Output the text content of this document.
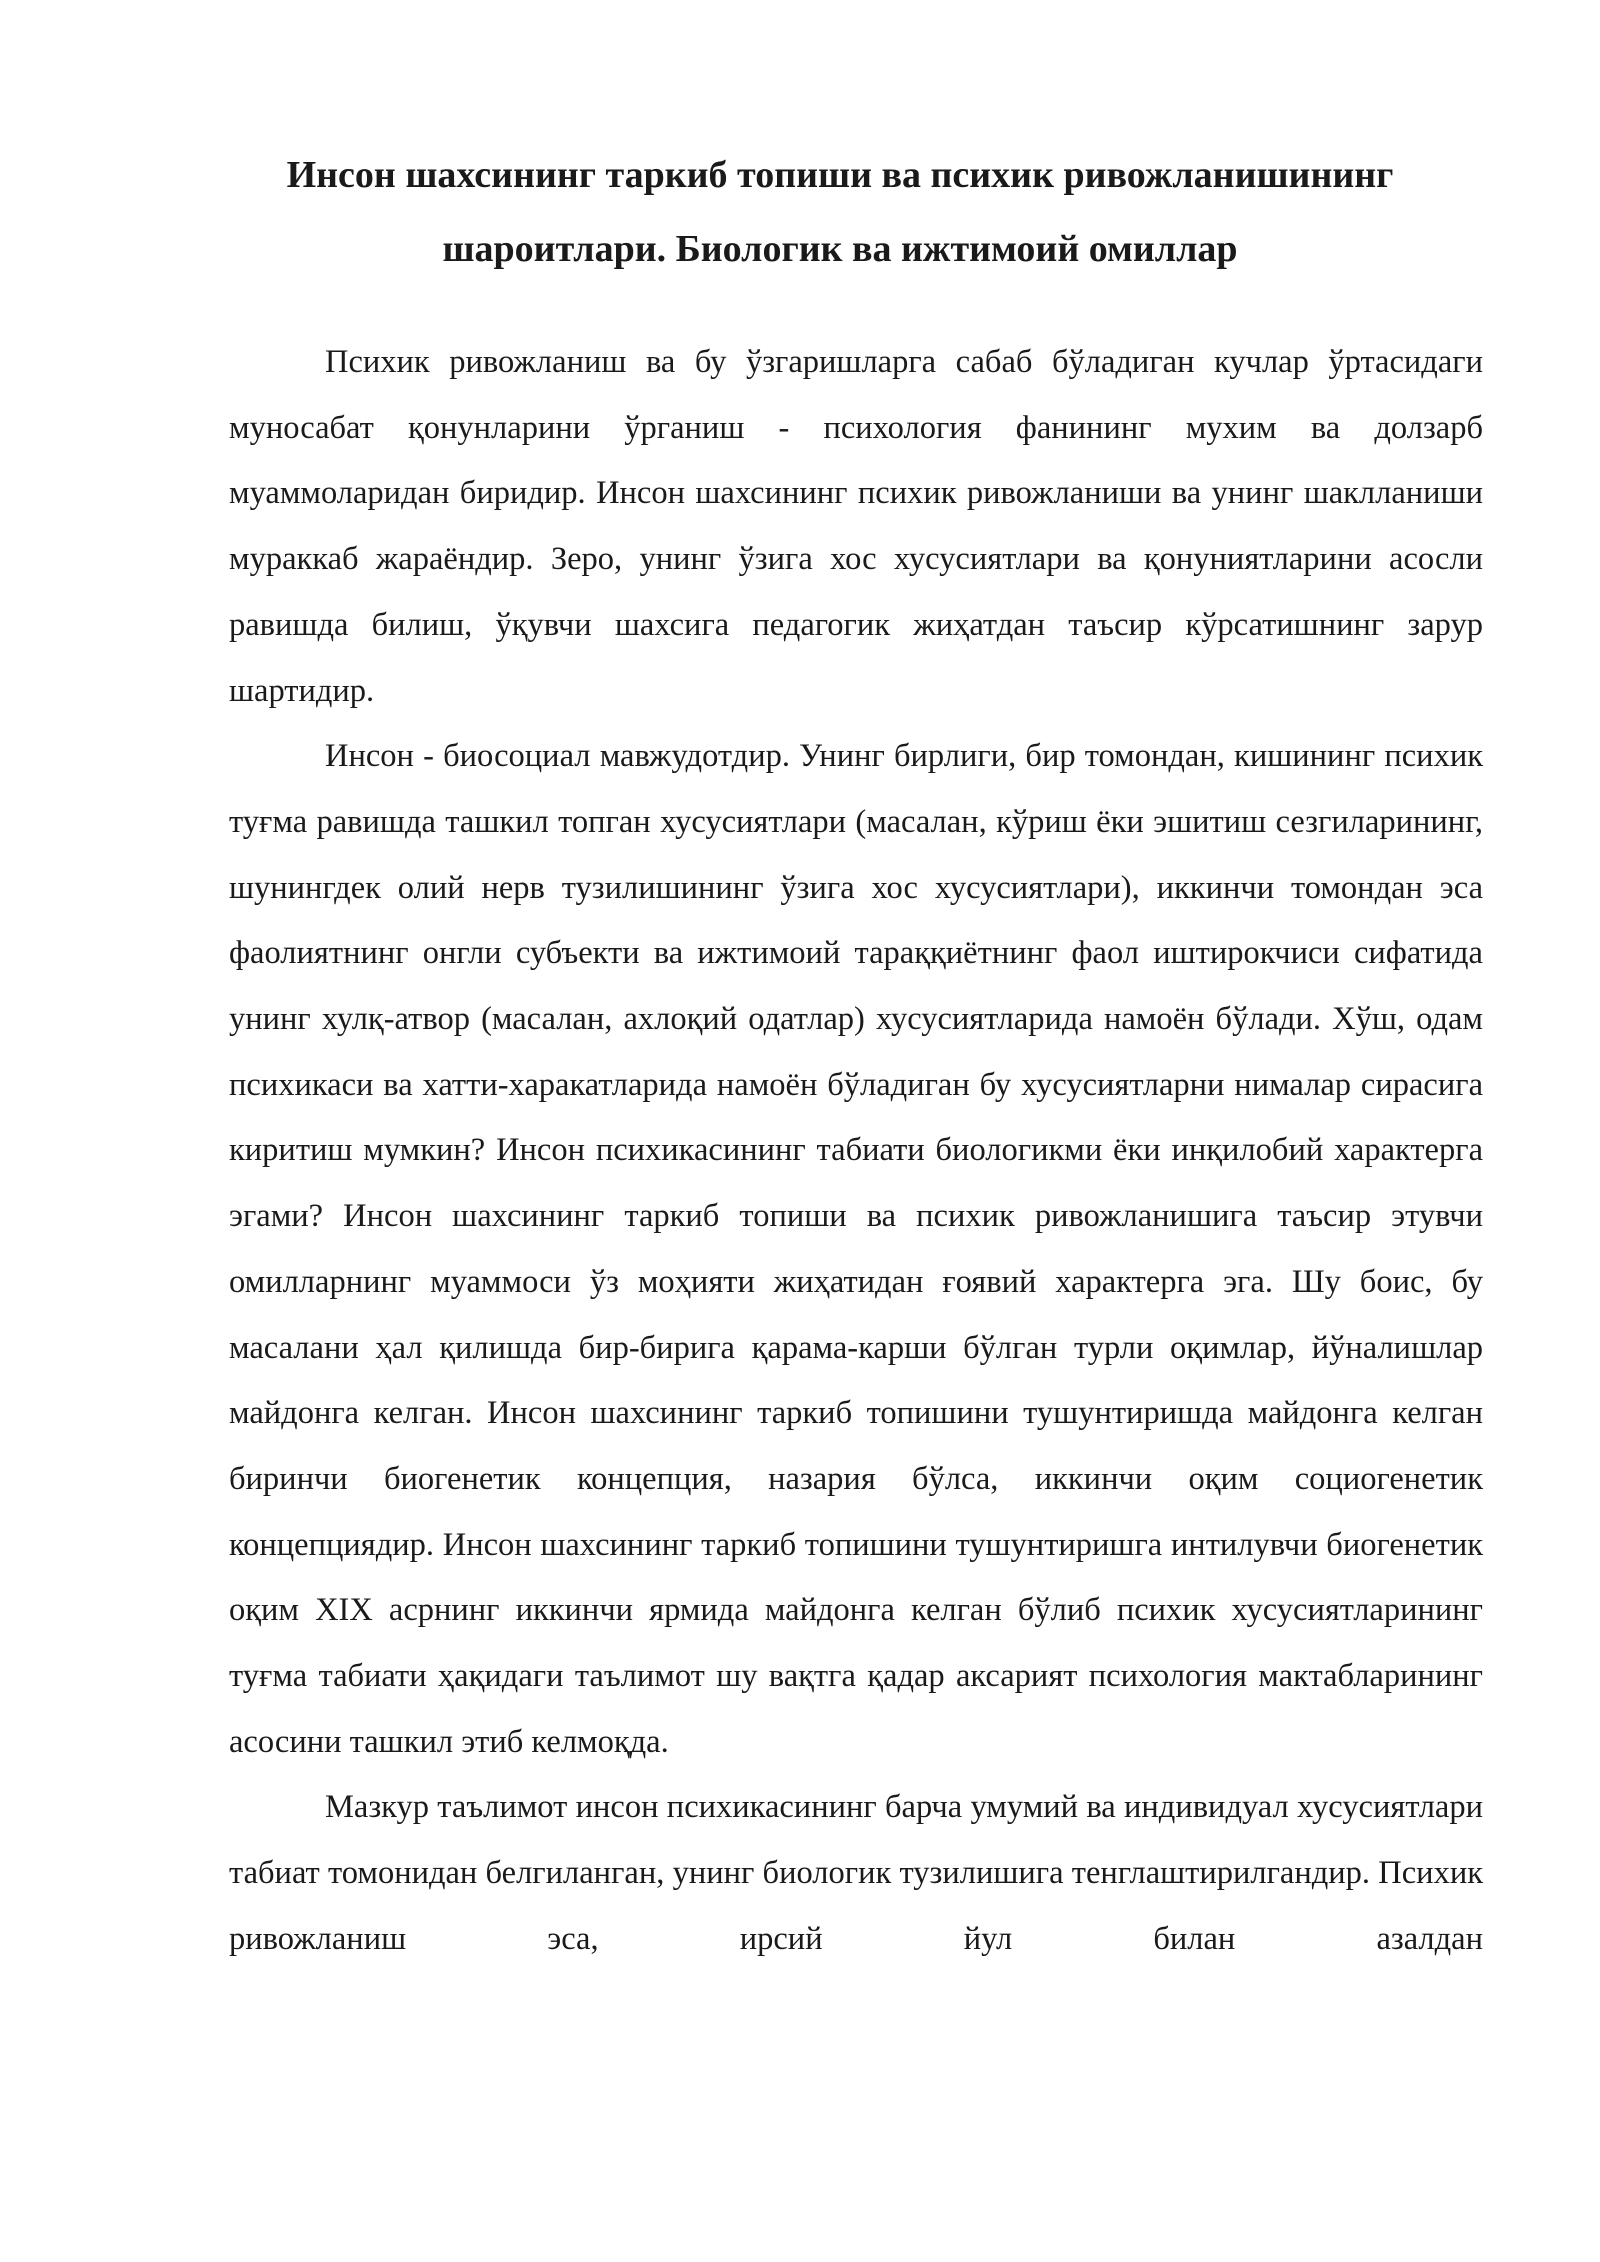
Инсон шахсининг таркиб топиши ва психик ривожланишининг
шароитлари. Биологик ва ижтимоий омиллар

Психик ривожланиш ва бу ўзгаришларга сабаб бўладиган кучлар ўртасидаги муносабат қонунларини ўрганиш - психология фанининг мухим ва долзарб муаммоларидан биридир. Инсон шахсининг психик ривожланиши ва унинг шаклланиши мураккаб жараёндир. Зеро, унинг ўзига хос хусусиятлари ва қонуниятларини асосли равишда билиш, ўқувчи шахсига педагогик жиҳатдан таъсир кўрсатишнинг зарур шартидир.

Инсон - биосоциал мавжудотдир. Унинг бирлиги, бир томондан, кишининг психик туғма равишда ташкил топган хусусиятлари (масалан, кўриш ёки эшитиш сезгиларининг, шунингдек олий нерв тузилишининг ўзига хос хусусиятлари), иккинчи томондан эса фаолиятнинг онгли субъекти ва ижтимоий тараққиётнинг фаол иштирокчиси сифатида унинг хулқ-атвор (масалан, ахлоқий одатлар) хусусиятларида намоён бўлади. Хўш, одам психикаси ва хатти-харакатларида намоён бўладиган бу хусусиятларни нималар сирасига киритиш мумкин? Инсон психикасининг табиати биологикми ёки инқилобий характерга эгами? Инсон шахсининг таркиб топиши ва психик ривожланишига таъсир этувчи омилларнинг муаммоси ўз моҳияти жиҳатидан ғоявий характерга эга. Шу боис, бу масалани ҳал қилишда бир-бирига қарама-карши бўлган турли оқимлар, йўналишлар майдонга келган. Инсон шахсининг таркиб топишини тушунтиришда майдонга келган биринчи биогенетик концепция, назария бўлса, иккинчи оқим социогенетик концепциядир. Инсон шахсининг таркиб топишини тушунтиришга интилувчи биогенетик оқим XIX асрнинг иккинчи ярмида майдонга келган бўлиб психик хусусиятларининг туғма табиати ҳақидаги таълимот шу вақтга қадар аксарият психология мактабларининг асосини ташкил этиб келмоқда.

Мазкур таълимот инсон психикасининг барча умумий ва индивидуал хусусиятлари табиат томонидан белгиланган, унинг биологик тузилишига тенглаштирилгандир. Психик ривожланиш эса, ирсий йул билан азалдан
